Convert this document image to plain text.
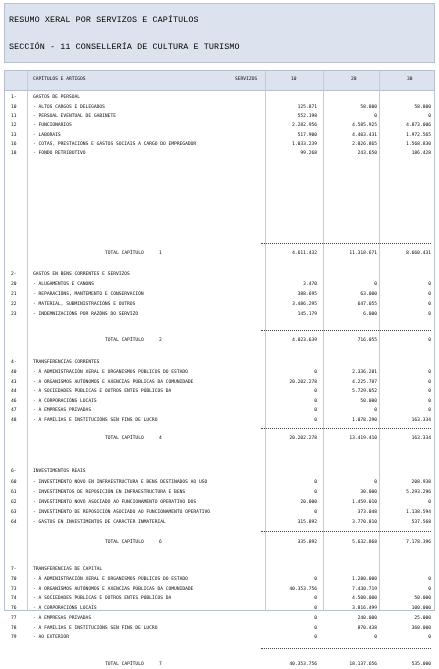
RESUMO XERAL POR SERVIZOS E CAPÍTULOS
SECCIÓN - 11 CONSELLERÍA DE CULTURA E TURISMO
CAPÍTULOS E ARTIGOS	SERVIZOS	10	20	30
1-	GASTOS DE PERSOAL
10	- ALTOS CARGOS E DELEGADOS	125.871	58.800	58.800
11	- PERSOAL EVENTUAL DE GABINETE	552.198	0	0
12	- FUNCIONARIOS	2.282.956	4.585.925	4.873.006
13	- LABORAIS	517.900	4.403.431	1.972.565
16	- COTAS, PRESTACIÓNS E GASTOS SOCIAIS A CARGO DO EMPREGADOR	1.033.239	2.026.865	1.568.830
18	- FONDO RETRIBUTIVO	99.268	243.650	186.428
TOTAL CAPÍTULO	1	4.611.432	11.318.671	8.660.431
2-	GASTOS EN BENS CORRENTES E SERVIZOS
20	- ALUGAMENTOS E CANONS	3.470	0	0
21	- REPARACIÓNS, MANTEMENTO E CONSERVACIÓN	388.695	63.000	0
22	- MATERIAL, SUBMINISTRACIÓNS E OUTROS	3.486.295	647.055	0
23	- INDEMNIZACIÓNS POR RAZÓNS DO SERVIZO	145.179	6.000	0
TOTAL CAPÍTULO	2	4.023.639	716.055	0
4-	TRANSFERENCIAS CORRENTES
40	- Á ADMINISTRACIÓN XERAL E ORGANISMOS PÚBLICOS DO ESTADO	0	2.336.281	0
43	- A ORGANISMOS AUTÓNOMOS E AXENCIAS PÚBLICAS DA COMUNIDADE	20.202.278	4.225.787	0
44	- A SOCIEDADES PÚBLICAS E OUTROS ENTES PÚBLICOS DA	0	5.729.052	0
46	- A CORPORACIÓNS LOCAIS	0	50.000	0
47	- A EMPRESAS PRIVADAS	0	0	0
48	- A FAMILIAS E INSTITUCIÓNS SEN FINS DE LUCRO	0	1.078.290	163.334
TOTAL CAPÍTULO	4	20.202.278	13.419.410	163.334
6-	INVESTIMENTOS REAIS
60	- INVESTIMENTO NOVO EN INFRAESTRUCTURA E BENS DESTINADOS AO USO	0	0	208.938
61	- INVESTIMENTOS DE REPOSICIÓN EN INFRAESTRUCTURA E BENS	0	30.000	5.293.296
62	- INVESTIMENTO NOVO ASOCIADO AO FUNCIONAMENTO OPERATIVO DOS	20.000	1.459.010	0
63	- INVESTIMENTO DE REPOSICIÓN ASOCIADO AO FUNCIONAMENTO OPERATIVO	0	373.048	1.138.594
64	- GASTOS EN INVESTIMENTOS DE CARÁCTER INMATERIAL	315.892	3.770.810	537.568
TOTAL CAPÍTULO	6	335.892	5.632.868	7.178.396
7-	TRANSFERENCIAS DE CAPITAL
70	- Á ADMINISTRACIÓN XERAL E ORGANISMOS PÚBLICOS DO ESTADO	0	1.280.000	0
73	- A ORGANISMOS AUTÓNOMOS E AXENCIAS PÚBLICAS DA COMUNIDADE	40.353.756	7.430.719	0
74	- A SOCIEDADES PÚBLICAS E OUTROS ENTES PÚBLICOS DA	0	4.500.000	50.000
76	- A CORPORACIÓNS LOCAIS	0	3.816.499	100.000
77	- A EMPRESAS PRIVADAS	0	240.000	25.000
78	- A FAMILIAS E INSTITUCIÓNS SEN FINS DE LUCRO	0	870.438	360.000
79	- AO EXTERIOR	0	0	0
TOTAL CAPÍTULO	7	40.353.756	18.137.656	535.000
